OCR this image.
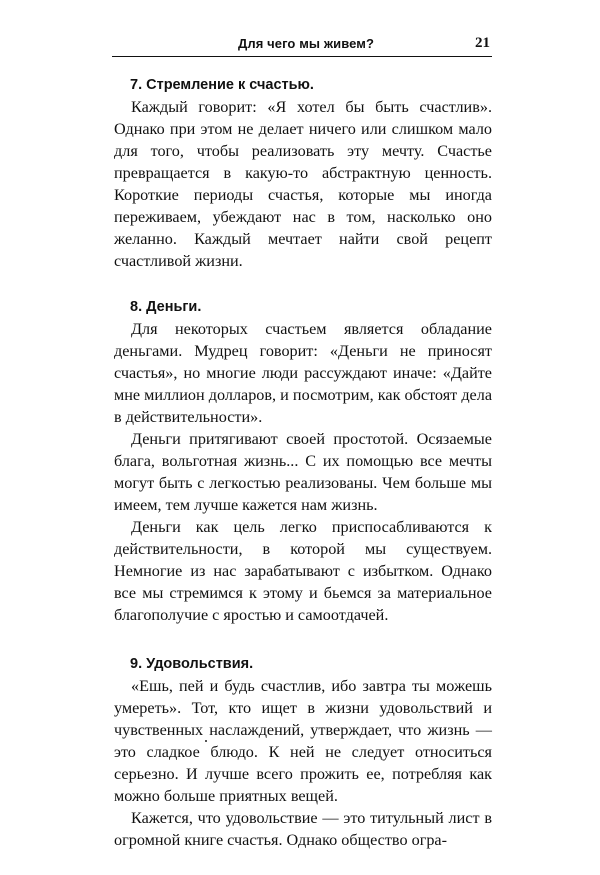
Для чего мы живем?	21

7. Стремление к счастью.

Каждый говорит: «Я хотел бы быть счастлив». Однако при этом не делает ничего или слишком мало для того, чтобы реализовать эту мечту. Счастье превращается в какую-то абстрактную ценность. Короткие периоды счастья, которые мы иногда переживаем, убеждают нас в том, насколько оно желанно. Каждый мечтает найти свой рецепт счастливой жизни.

8. Деньги.

Для некоторых счастьем является обладание деньгами. Мудрец говорит: «Деньги не приносят счастья», но многие люди рассуждают иначе: «Дайте мне миллион долларов, и посмотрим, как обстоят дела в действительности».

Деньги притягивают своей простотой. Осязаемые блага, вольготная жизнь... С их помощью все мечты могут быть с легкостью реализованы. Чем больше мы имеем, тем лучше кажется нам жизнь.

Деньги как цель легко приспосабливаются к действительности, в которой мы существуем. Немногие из нас зарабатывают с избытком. Однако все мы стремимся к этому и бьемся за материальное благополучие с яростью и самоотдачей.

9. Удовольствия.

«Ешь, пей и будь счастлив, ибо завтра ты можешь умереть». Тот, кто ищет в жизни удовольствий и чувственных наслаждений, утверждает, что жизнь — это сладкое блюдо. К ней не следует относиться серьезно. И лучше всего прожить ее, потребляя как можно больше приятных вещей.

Кажется, что удовольствие — это титульный лист в огромной книге счастья. Однако общество огра-
